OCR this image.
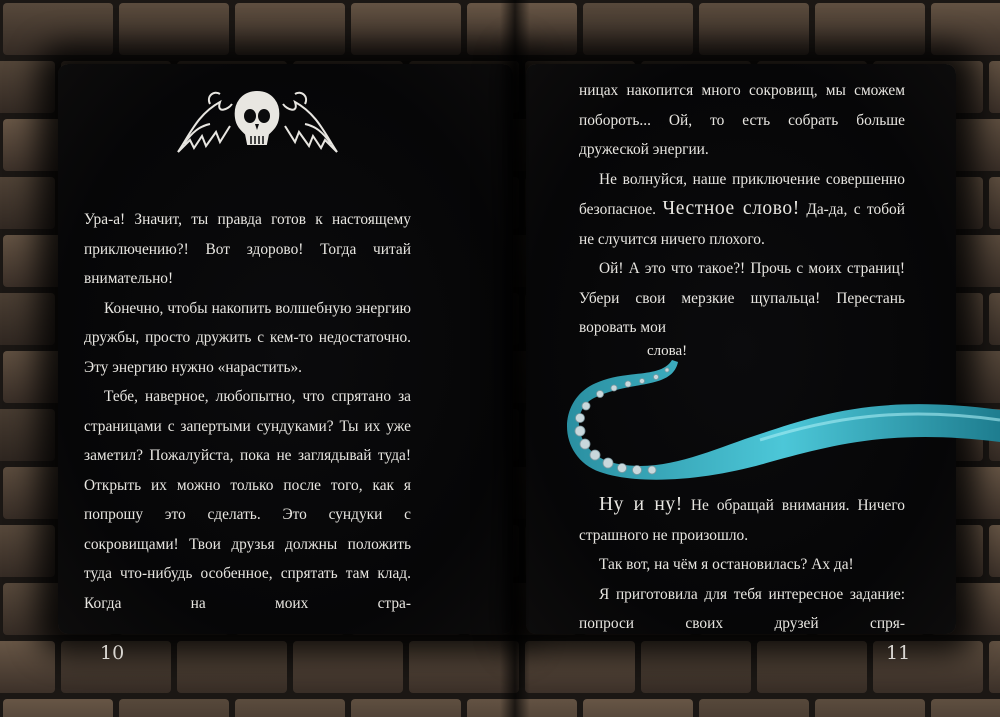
Ура-а! Значит, ты правда готов к настоящему приключению?! Вот здорово! Тогда читай внимательно!

Конечно, чтобы накопить волшебную энергию дружбы, просто дружить с кем-то недостаточно. Эту энергию нужно «нарастить».

Тебе, наверное, любопытно, что спрятано за страницами с запертыми сундуками? Ты их уже заметил? Пожалуйста, пока не заглядывай туда! Открыть их можно только после того, как я попрошу это сделать. Это сундуки с сокровищами! Твои друзья должны положить туда что-нибудь особенное, спрятать там клад. Когда на моих стра-

ницах накопится много сокровищ, мы сможем побороть... Ой, то есть собрать больше дружеской энергии.

Не волнуйся, наше приключение совершенно безопасное. Честное слово! Да-да, с тобой не случится ничего плохого.

Ой! А это что такое?! Прочь с моих страниц! Убери свои мерзкие щупальца! Перестань воровать мои

слова!

Ну и ну! Не обращай внимания. Ничего страшного не произошло.

Так вот, на чём я остановилась? Ах да!

Я приготовила для тебя интересное задание: попроси своих друзей спря-

10	11
